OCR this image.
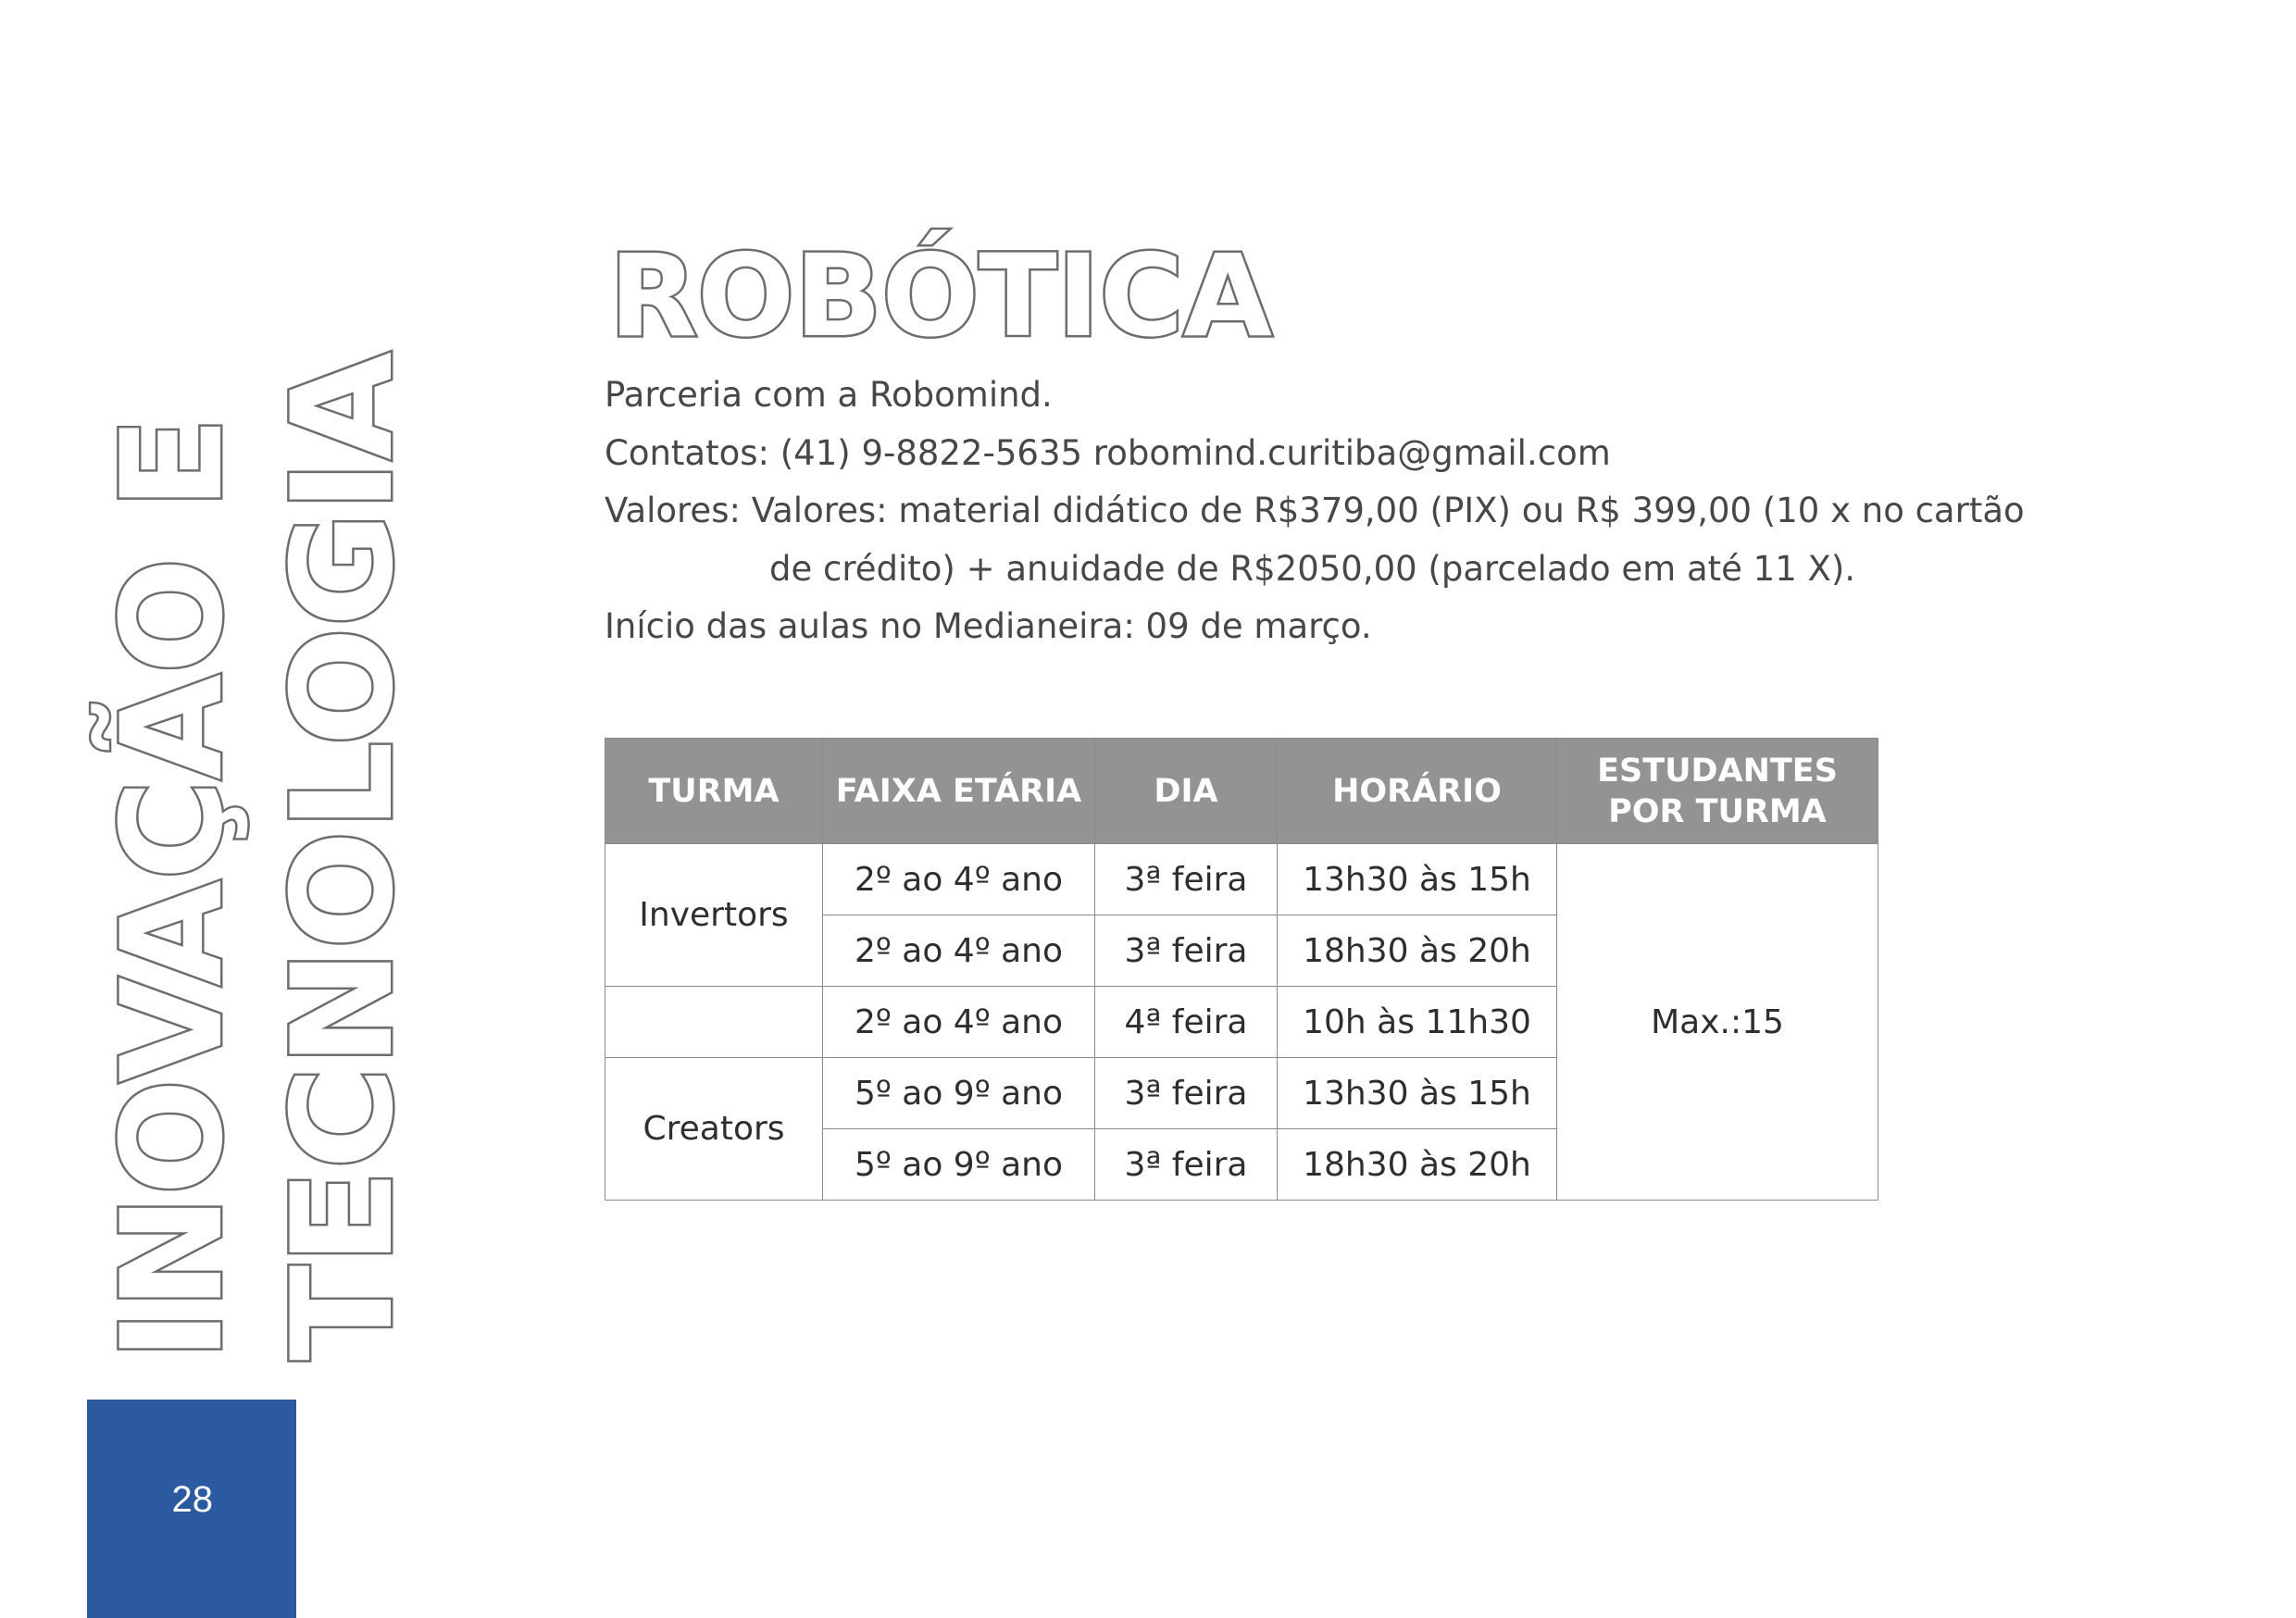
INOVAÇÃO E TECNOLOGIA
28
ROBÓTICA

Parceria com a Robomind.

Contatos: (41) 9-8822-5635 robomind.curitiba@gmail.com

Valores: Valores: material didático de R$379,00 (PIX) ou R$ 399,00 (10 x no cartão

de crédito) + anuidade de R$2050,00 (parcelado em até 11 X).

Início das aulas no Medianeira: 09 de março.

TURMA	FAIXA ETÁRIA	DIA	HORÁRIO	ESTUDANTES
POR TURMA
Invertors	2º ao 4º ano	3ª feira	13h30 às 15h	Max.:15
	2º ao 4º ano	3ª feira	18h30 às 20h	
	2º ao 4º ano	4ª feira	10h às 11h30	
Creators	5º ao 9º ano	3ª feira	13h30 às 15h	
	5º ao 9º ano	3ª feira	18h30 às 20h	
